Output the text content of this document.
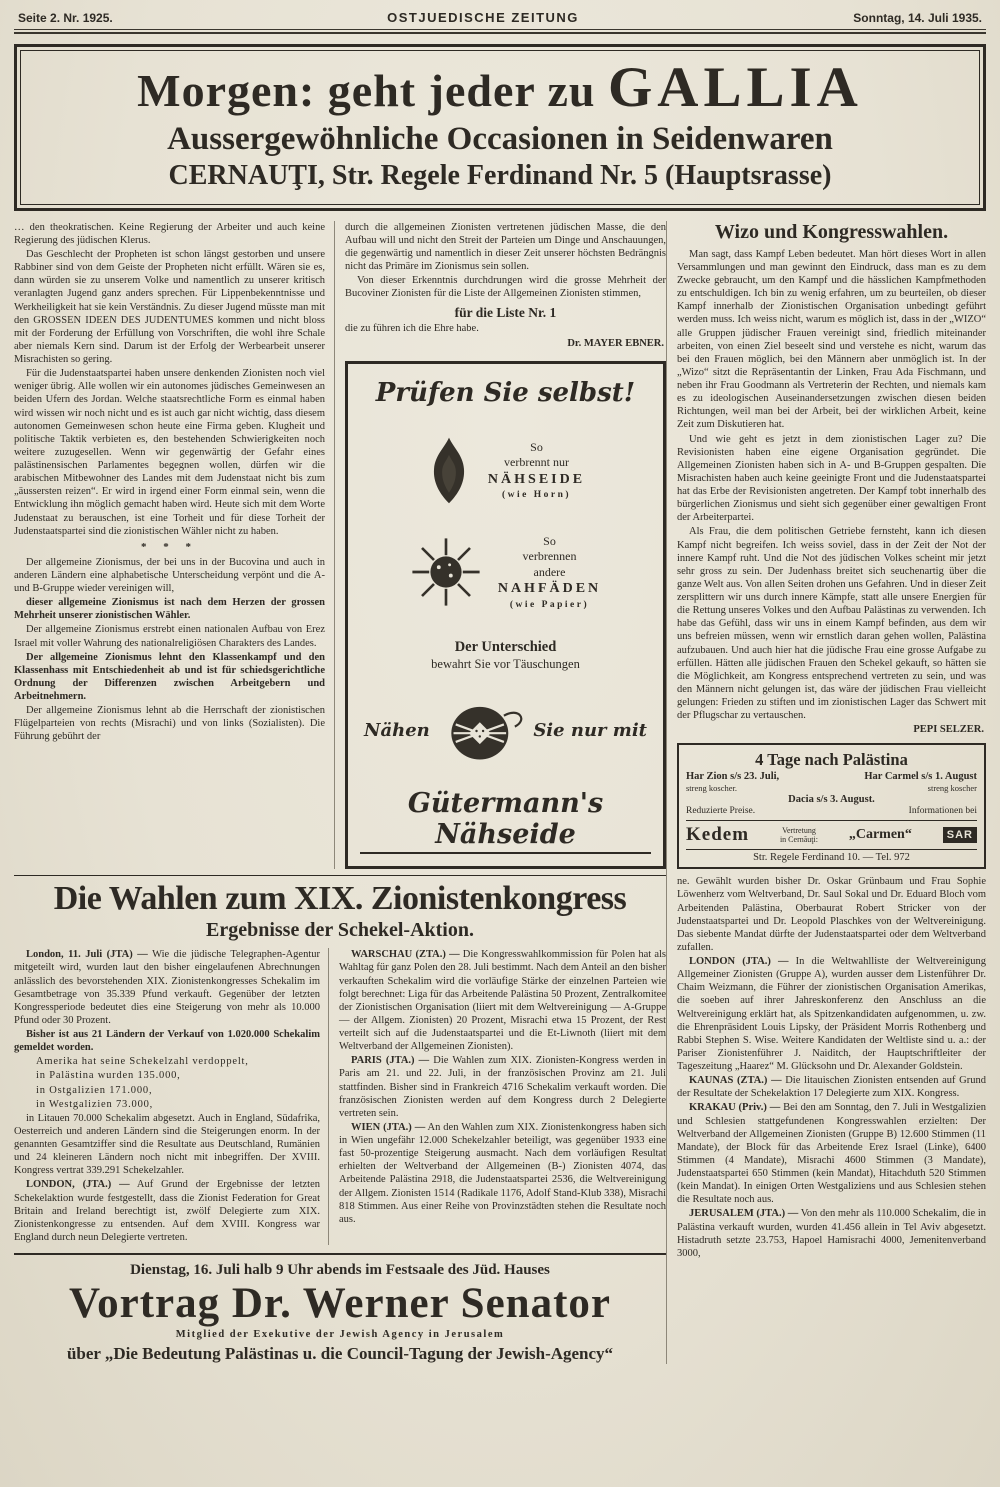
Seite 2. Nr. 1925.	OSTJUEDISCHE ZEITUNG	Sonntag, 14. Juli 1935.
Morgen: geht jeder zu GALLIA
Aussergewöhnliche Occasionen in Seidenwaren
CERNAUŢI, Str. Regele Ferdinand Nr. 5 (Hauptsrasse)

… den theokratischen. Keine Regierung der Arbeiter und auch keine Regierung des jüdischen Klerus.

Das Geschlecht der Propheten ist schon längst gestorben und unsere Rabbiner sind von dem Geiste der Propheten nicht erfüllt. Wären sie es, dann würden sie zu unserem Volke und namentlich zu unserer kritisch veranlagten Jugend ganz anders sprechen. Für Lippenbekenntnisse und Werkheiligkeit hat sie kein Verständnis. Zu dieser Jugend müsste man mit den GROSSEN IDEEN DES JUDENTUMES kommen und nicht bloss mit der Forderung der Erfüllung von Vorschriften, die wohl ihre Schale aber niemals Kern sind. Darum ist der Erfolg der Werbearbeit unserer Misrachisten so gering.

Für die Judenstaatspartei haben unsere denkenden Zionisten noch viel weniger übrig. Alle wollen wir ein autonomes jüdisches Gemeinwesen an beiden Ufern des Jordan. Welche staatsrechtliche Form es einmal haben wird wissen wir noch nicht und es ist auch gar nicht wichtig, dass diesem autonomen Gemeinwesen schon heute eine Firma geben. Klugheit und politische Taktik verbieten es, den bestehenden Schwierigkeiten noch weitere zuzugesellen. Wenn wir gegenwärtig der Gefahr eines palästinensischen Parlamentes begegnen wollen, dürfen wir die arabischen Mitbewohner des Landes mit dem Judenstaat nicht bis zum „äussersten reizen“. Er wird in irgend einer Form einmal sein, wenn die Entwicklung ihn möglich gemacht haben wird. Heute sich mit dem Worte Judenstaat zu berauschen, ist eine Torheit und für diese Torheit der Judenstaatspartei sind die zionistischen Wähler nicht zu haben.

* * *

Der allgemeine Zionismus, der bei uns in der Bucovina und auch in anderen Ländern eine alphabetische Unterscheidung verpönt und die A- und B-Gruppe wieder vereinigen will,

dieser allgemeine Zionismus ist nach dem Herzen der grossen Mehrheit unserer zionistischen Wähler.

Der allgemeine Zionismus erstrebt einen nationalen Aufbau von Erez Israel mit voller Wahrung des nationalreligiösen Charakters des Landes.

Der allgemeine Zionismus lehnt den Klassenkampf und den Klassenhass mit Entschiedenheit ab und ist für schiedsgerichtliche Ordnung der Differenzen zwischen Arbeitgebern und Arbeitnehmern.

Der allgemeine Zionismus lehnt ab die Herrschaft der zionistischen Flügelparteien von rechts (Misrachi) und von links (Sozialisten). Die Führung gebührt der

durch die allgemeinen Zionisten vertretenen jüdischen Masse, die den Aufbau will und nicht den Streit der Parteien um Dinge und Anschauungen, die gegenwärtig und namentlich in dieser Zeit unserer höchsten Bedrängnis nicht das Primäre im Zionismus sein sollen.

Von dieser Erkenntnis durchdrungen wird die grosse Mehrheit der Bucoviner Zionisten für die Liste der Allgemeinen Zionisten stimmen,

für die Liste Nr. 1

die zu führen ich die Ehre habe.

Dr. MAYER EBNER.

Prüfen Sie selbst!
So
verbrennt nur
NÄHSEIDE
(wie Horn)
So
verbrennen
andere
NAHFÄDEN
(wie Papier)
Der Unterschied
bewahrt Sie vor Täuschungen
Nähen	Sie nur mit
Gütermann's Nähseide
Die Wahlen zum XIX. Zionistenkongress
Ergebnisse der Schekel-Aktion.

London, 11. Juli (JTA) — Wie die jüdische Telegraphen-Agentur mitgeteilt wird, wurden laut den bisher eingelaufenen Abrechnungen anlässlich des bevorstehenden XIX. Zionistenkongresses Schekalim im Gesamtbetrage von 35.339 Pfund verkauft. Gegenüber der letzten Kongressperiode bedeutet dies eine Steigerung von mehr als 10.000 Pfund oder 30 Prozent.

Bisher ist aus 21 Ländern der Verkauf von 1.020.000 Schekalim gemeldet worden.

Amerika hat seine Schekelzahl verdoppelt,

in Palästina wurden 135.000,

in Ostgalizien 171.000,

in Westgalizien 73.000,

in Litauen 70.000 Schekalim abgesetzt. Auch in England, Südafrika, Oesterreich und anderen Ländern sind die Steigerungen enorm. In der genannten Gesamtziffer sind die Resultate aus Deutschland, Rumänien und 24 kleineren Ländern noch nicht mit inbegriffen. Der XVIII. Kongress vertrat 339.291 Schekelzahler.

LONDON, (JTA.) — Auf Grund der Ergebnisse der letzten Schekelaktion wurde festgestellt, dass die Zionist Federation for Great Britain and Ireland berechtigt ist, zwölf Delegierte zum XIX. Zionistenkongresse zu entsenden. Auf dem XVIII. Kongress war England durch neun Delegierte vertreten.

WARSCHAU (ZTA.) — Die Kongresswahlkommission für Polen hat als Wahltag für ganz Polen den 28. Juli bestimmt. Nach dem Anteil an den bisher verkauften Schekalim wird die vorläufige Stärke der einzelnen Parteien wie folgt berechnet: Liga für das Arbeitende Palästina 50 Prozent, Zentralkomitee der Zionistischen Organisation (liiert mit dem Weltvereinigung — A-Gruppe — der Allgem. Zionisten) 20 Prozent, Misrachi etwa 15 Prozent, der Rest verteilt sich auf die Judenstaatspartei und die Et-Liwnoth (liiert mit dem Weltverband der Allgemeinen Zionisten).

PARIS (JTA.) — Die Wahlen zum XIX. Zionisten-Kongress werden in Paris am 21. und 22. Juli, in der französischen Provinz am 21. Juli stattfinden. Bisher sind in Frankreich 4716 Schekalim verkauft worden. Die französischen Zionisten werden auf dem Kongress durch 2 Delegierte vertreten sein.

WIEN (JTA.) — An den Wahlen zum XIX. Zionistenkongress haben sich in Wien ungefähr 12.000 Schekelzahler beteiligt, was gegenüber 1933 eine fast 50-prozentige Steigerung ausmacht. Nach dem vorläufigen Resultat erhielten der Weltverband der Allgemeinen (B-) Zionisten 4074, das Arbeitende Palästina 2918, die Judenstaatspartei 2536, die Weltvereinigung der Allgem. Zionisten 1514 (Radikale 1176, Adolf Stand-Klub 338), Misrachi 818 Stimmen. Aus einer Reihe von Provinzstädten stehen die Resultate noch aus.

Dienstag, 16. Juli halb 9 Uhr abends im Festsaale des Jüd. Hauses
Vortrag Dr. Werner Senator
Mitglied der Exekutive der Jewish Agency in Jerusalem
über „Die Bedeutung Palästinas u. die Council-Tagung der Jewish-Agency“
Wizo und Kongresswahlen.

Man sagt, dass Kampf Leben bedeutet. Man hört dieses Wort in allen Versammlungen und man gewinnt den Eindruck, dass man es zu dem Zwecke gebraucht, um den Kampf und die hässlichen Kampfmethoden zu entschuldigen. Ich bin zu wenig erfahren, um zu beurteilen, ob dieser Kampf innerhalb der Zionistischen Organisation unbedingt geführt werden muss. Ich weiss nicht, warum es möglich ist, dass in der „WIZO“ alle Gruppen jüdischer Frauen vereinigt sind, friedlich miteinander arbeiten, von einen Ziel beseelt sind und verstehe es nicht, warum das bei den Frauen möglich, bei den Männern aber unmöglich ist. In der „Wizo“ sitzt die Repräsentantin der Linken, Frau Ada Fischmann, und neben ihr Frau Goodmann als Vertreterin der Rechten, und niemals kam es zu ideologischen Auseinandersetzungen zwischen diesen beiden Richtungen, weil man bei der Arbeit, bei der wirklichen Arbeit, keine Zeit zum Diskutieren hat.

Und wie geht es jetzt in dem zionistischen Lager zu? Die Revisionisten haben eine eigene Organisation gegründet. Die Allgemeinen Zionisten haben sich in A- und B-Gruppen gespalten. Die Misrachisten haben auch keine geeinigte Front und die Judenstaatspartei hat das Erbe der Revisionisten angetreten. Der Kampf tobt innerhalb des bürgerlichen Zionismus und sieht sich gegenüber einer gewaltigen Front der Arbeiterpartei.

Als Frau, die dem politischen Getriebe fernsteht, kann ich diesen Kampf nicht begreifen. Ich weiss soviel, dass in der Zeit der Not der innere Kampf ruht. Und die Not des jüdischen Volkes scheint mir jetzt sehr gross zu sein. Der Judenhass breitet sich seuchenartig über die ganze Welt aus. Von allen Seiten drohen uns Gefahren. Und in dieser Zeit zersplittern wir uns durch innere Kämpfe, statt alle unsere Energien für die Rettung unseres Volkes und den Aufbau Palästinas zu verwenden. Ich habe das Gefühl, dass wir uns in einem Kampf befinden, aus dem wir uns befreien müssen, wenn wir ernstlich daran gehen wollen, Palästina aufzubauen. Und auch hier hat die jüdische Frau eine grosse Aufgabe zu erfüllen. Hätten alle jüdischen Frauen den Schekel gekauft, so hätten sie die Möglichkeit, am Kongress entsprechend vertreten zu sein, und was den Männern nicht gelungen ist, das wäre der jüdischen Frau vielleicht gelungen: Frieden zu stiften und im zionistischen Lager das Schwert mit der Pflugschar zu vertauschen.

PEPI SELZER.

4 Tage nach Palästina
Har Zion s/s 23. Juli,	Har Carmel s/s 1. August
streng koscher.	streng koscher
Dacia s/s 3. August.
Reduzierte Preise.	Informationen bei
Kedem	Vertretung
in Cernăuţi: „Carmen“	SAR
Str. Regele Ferdinand 10. — Tel. 972

ne. Gewählt wurden bisher Dr. Oskar Grünbaum und Frau Sophie Löwenherz vom Weltverband, Dr. Saul Sokal und Dr. Eduard Bloch vom Arbeitenden Palästina, Oberbaurat Robert Stricker von der Judenstaatspartei und Dr. Leopold Plaschkes von der Weltvereinigung. Das siebente Mandat dürfte der Judenstaatspartei oder dem Weltverband zufallen.

LONDON (JTA.) — In die Weltwahlliste der Weltvereinigung Allgemeiner Zionisten (Gruppe A), wurden ausser dem Listenführer Dr. Chaim Weizmann, die Führer der zionistischen Organisation Amerikas, die soeben auf ihrer Jahreskonferenz den Anschluss an die Weltvereinigung erklärt hat, als Spitzenkandidaten aufgenommen, u. zw. die Ehrenpräsident Louis Lipsky, der Präsident Morris Rothenberg und Rabbi Stephen S. Wise. Weitere Kandidaten der Weltliste sind u. a.: der Pariser Zionistenführer J. Naiditch, der Hauptschriftleiter der Tageszeitung „Haarez“ M. Glücksohn und Dr. Alexander Goldstein.

KAUNAS (ZTA.) — Die litauischen Zionisten entsenden auf Grund der Resultate der Schekelaktion 17 Delegierte zum XIX. Kongress.

KRAKAU (Priv.) — Bei den am Sonntag, den 7. Juli in Westgalizien und Schlesien stattgefundenen Kongresswahlen erzielten: Der Weltverband der Allgemeinen Zionisten (Gruppe B) 12.600 Stimmen (11 Mandate), der Block für das Arbeitende Erez Israel (Linke), 6400 Stimmen (4 Mandate), Misrachi 4600 Stimmen (3 Mandate), Judenstaatspartei 650 Stimmen (kein Mandat), Hitachduth 520 Stimmen (kein Mandat). In einigen Orten Westgaliziens und aus Schlesien stehen die Resultate noch aus.

JERUSALEM (JTA.) — Von den mehr als 110.000 Schekalim, die in Palästina verkauft wurden, wurden 41.456 allein in Tel Aviv abgesetzt. Histadruth setzte 23.753, Hapoel Hamisrachi 4000, Jemenitenverband 3000,
